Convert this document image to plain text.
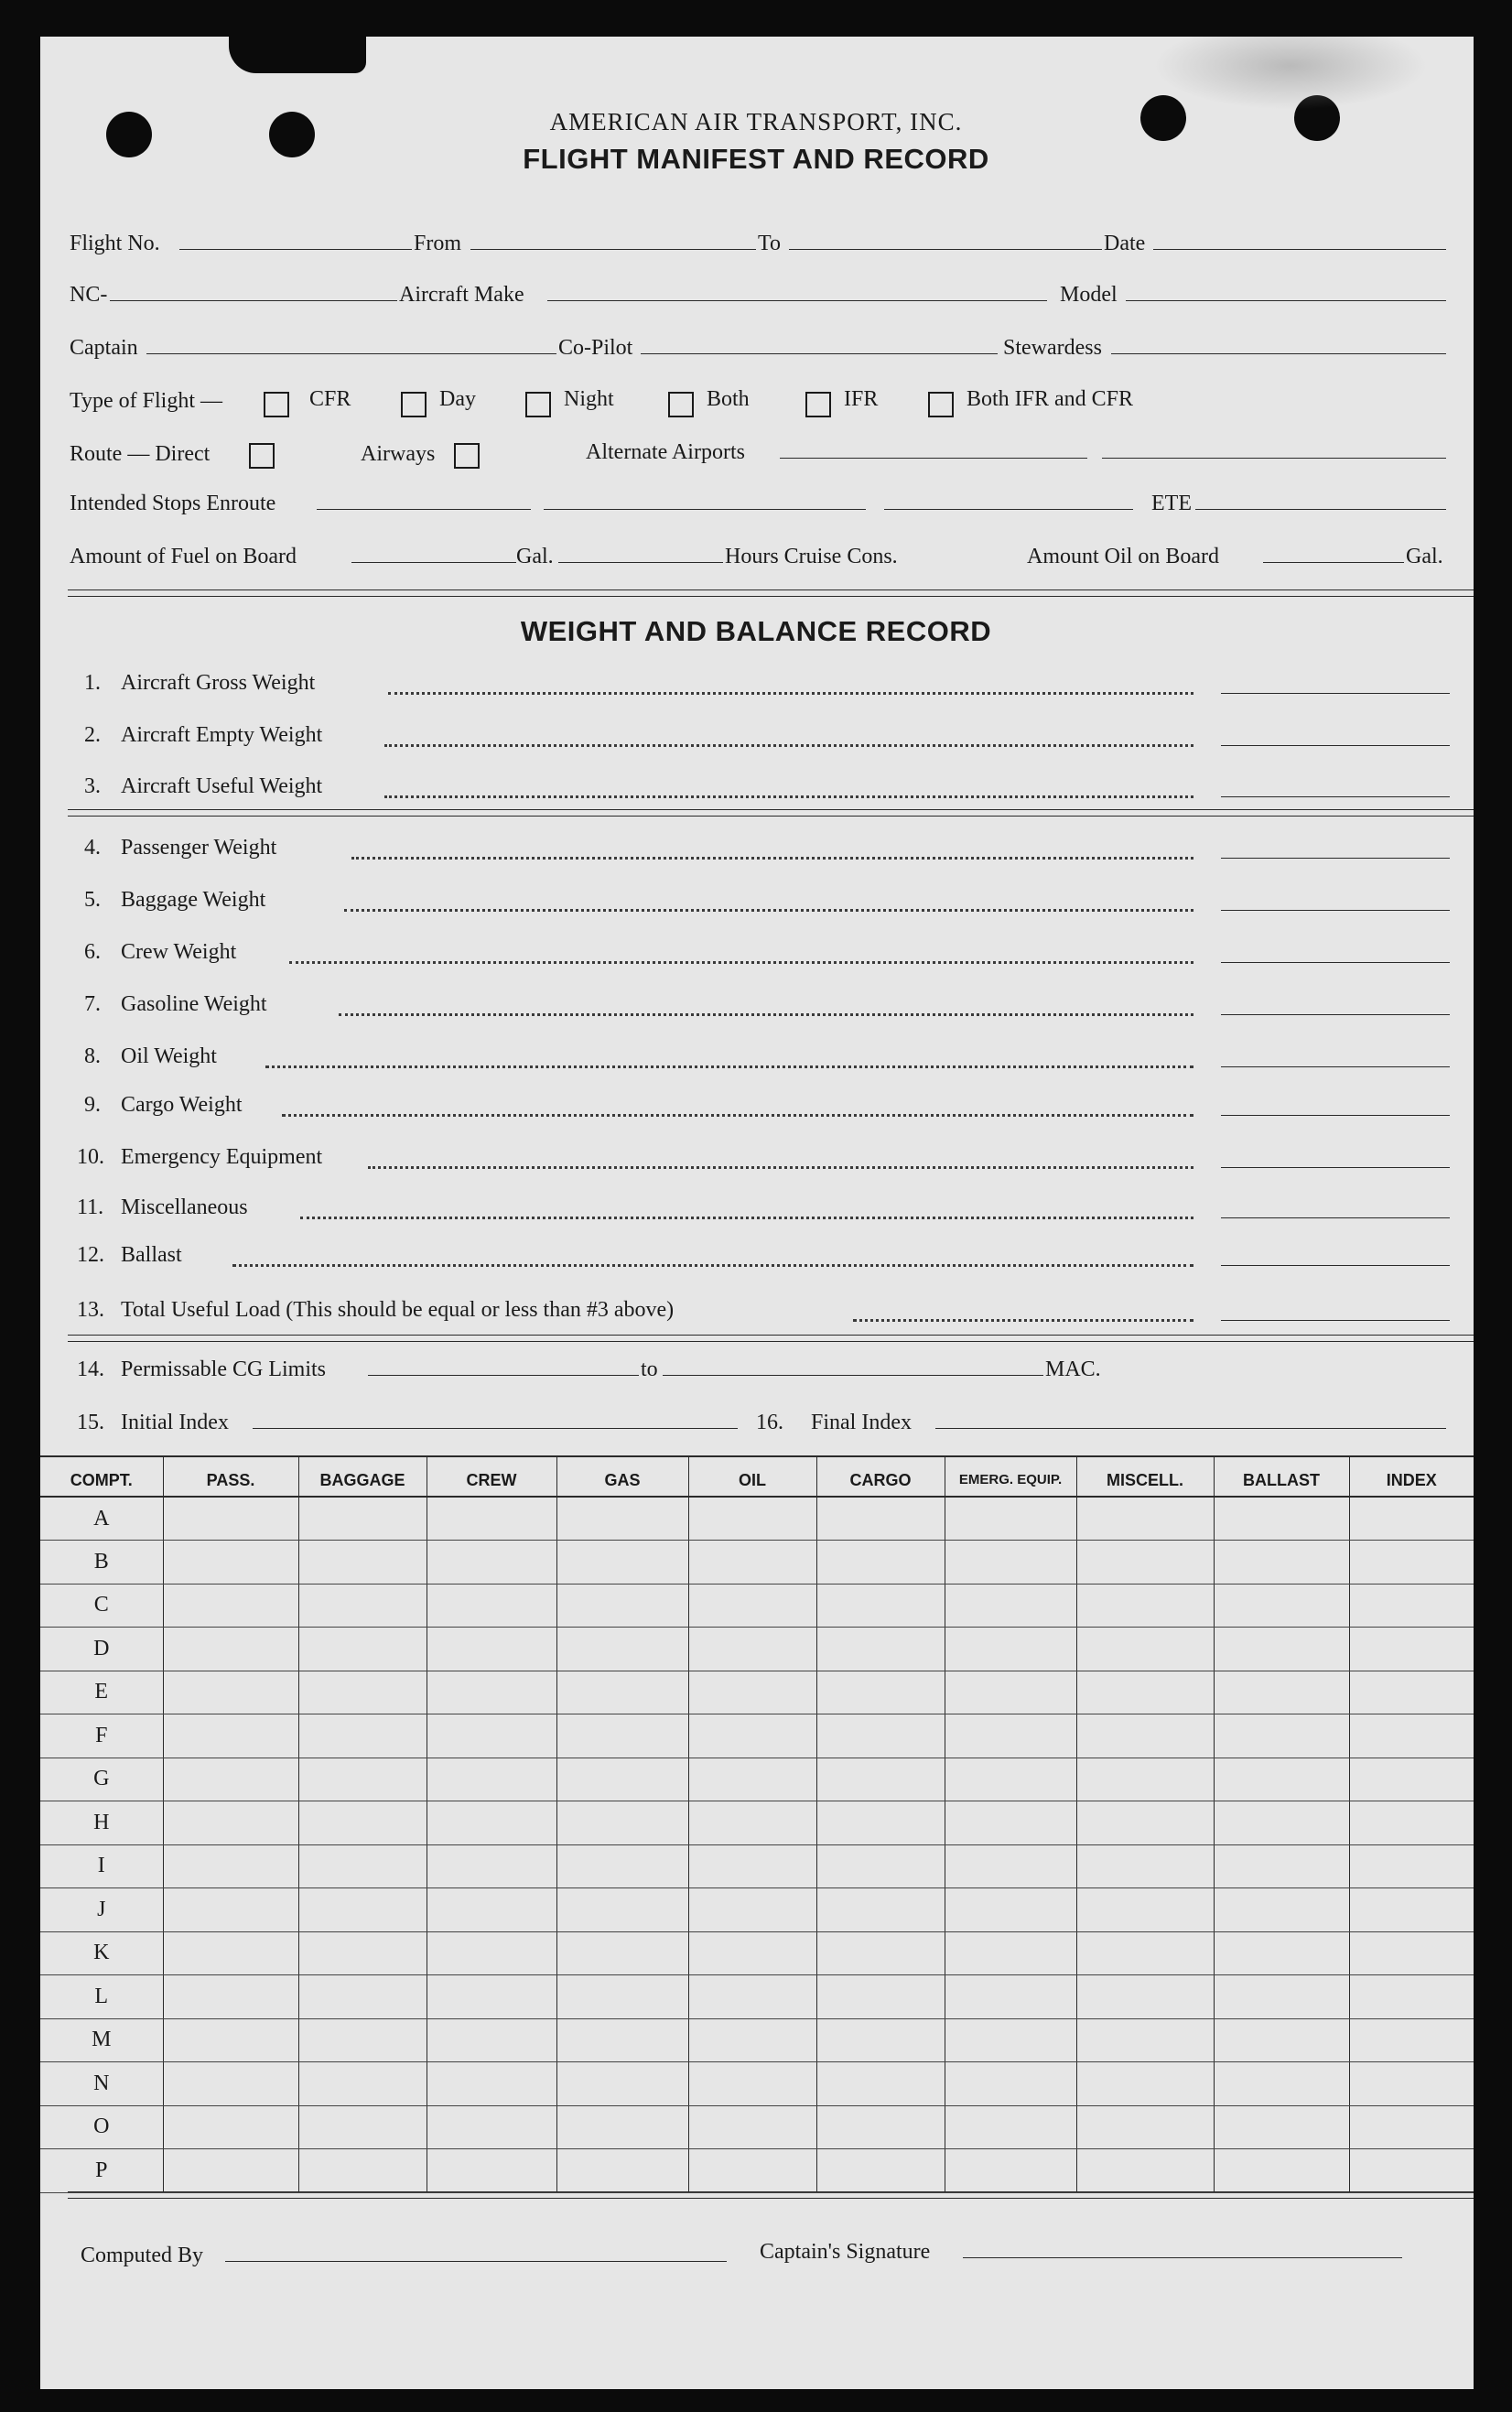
AMERICAN AIR TRANSPORT, INC.
FLIGHT MANIFEST AND RECORD
Flight No.	From	To	Date
NC-	Aircraft Make	Model
Captain	Co-Pilot	Stewardess
Type of Flight —	CFR	Day	Night	Both	IFR	Both IFR and CFR
Route — Direct	Airways	Alternate Airports
Intended Stops Enroute	ETE
Amount of Fuel on Board	Gal.	Hours Cruise Cons.	Amount Oil on Board	Gal.
WEIGHT AND BALANCE RECORD
1. Aircraft Gross Weight
2. Aircraft Empty Weight
3. Aircraft Useful Weight
4. Passenger Weight
5. Baggage Weight
6. Crew Weight
7. Gasoline Weight
8. Oil Weight
9. Cargo Weight
10. Emergency Equipment
11. Miscellaneous
12. Ballast
13. Total Useful Load (This should be equal or less than #3 above)
14. Permissable CG Limits	to	MAC.
15. Initial Index	16. Final Index
COMPT.	PASS.	BAGGAGE	CREW	GAS	OIL	CARGO	EMERG. EQUIP.	MISCELL.	BALLAST	INDEX
A										
B										
C										
D										
E										
F										
G										
H										
I										
J										
K										
L										
M										
N										
O										
P										
Computed By	Captain's Signature
